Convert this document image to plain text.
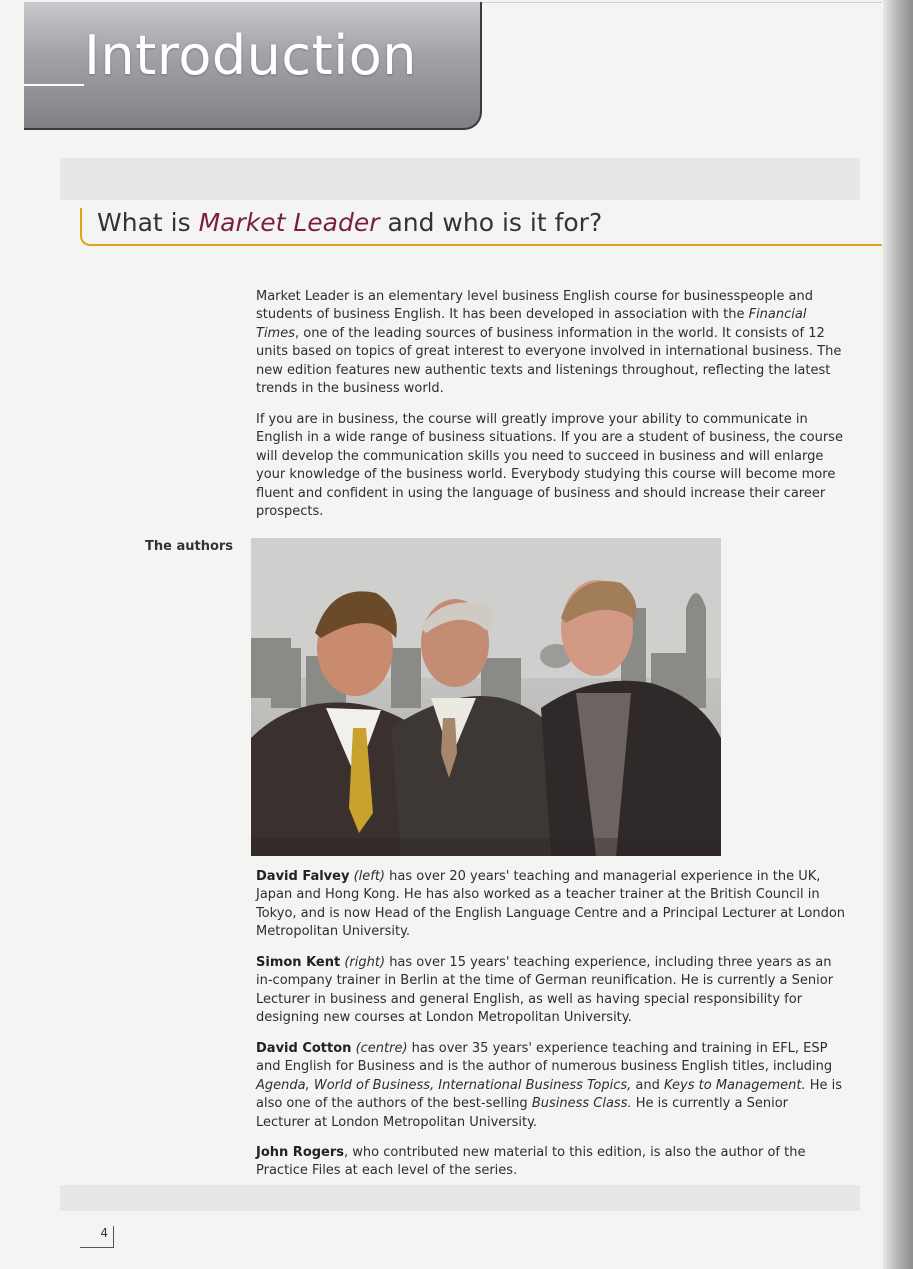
Introduction
What is Market Leader and who is it for?

Market Leader is an elementary level business English course for businesspeople and students of business English. It has been developed in association with the Financial Times, one of the leading sources of business information in the world. It consists of 12 units based on topics of great interest to everyone involved in international business. The new edition features new authentic texts and listenings throughout, reflecting the latest trends in the business world.

If you are in business, the course will greatly improve your ability to communicate in English in a wide range of business situations. If you are a student of business, the course will develop the communication skills you need to succeed in business and will enlarge your knowledge of the business world. Everybody studying this course will become more fluent and confident in using the language of business and should increase their career prospects.

The authors
David Falvey (left) has over 20 years' teaching and managerial experience in the UK, Japan and Hong Kong. He has also worked as a teacher trainer at the British Council in Tokyo, and is now Head of the English Language Centre and a Principal Lecturer at London Metropolitan University.
Simon Kent (right) has over 15 years' teaching experience, including three years as an in-company trainer in Berlin at the time of German reunification. He is currently a Senior Lecturer in business and general English, as well as having special responsibility for designing new courses at London Metropolitan University.
David Cotton (centre) has over 35 years' experience teaching and training in EFL, ESP and English for Business and is the author of numerous business English titles, including Agenda, World of Business, International Business Topics, and Keys to Management. He is also one of the authors of the best-selling Business Class. He is currently a Senior Lecturer at London Metropolitan University.
John Rogers, who contributed new material to this edition, is also the author of the Practice Files at each level of the series.
4
